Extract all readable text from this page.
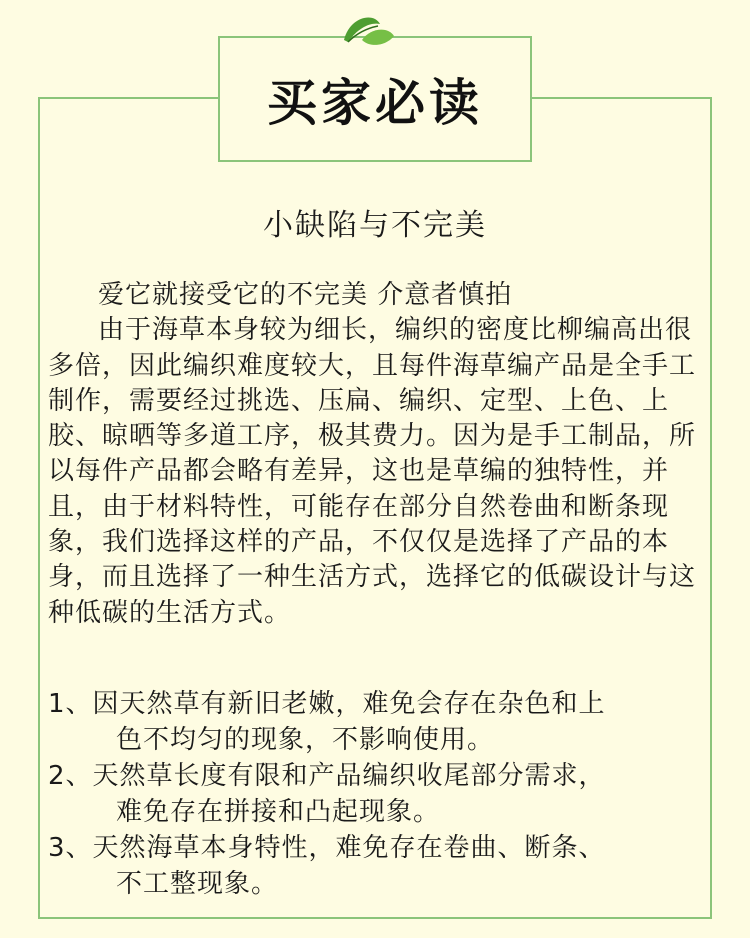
买家必读
小缺陷与不完美

爱它就接受它的不完美 介意者慎拍

由于海草本身较为细长，编织的密度比柳编高出很多倍，因此编织难度较大，且每件海草编产品是全手工制作，需要经过挑选、压扁、编织、定型、上色、上胶、晾晒等多道工序，极其费力。因为是手工制品，所以每件产品都会略有差异，这也是草编的独特性，并且，由于材料特性，可能存在部分自然卷曲和断条现象，我们选择这样的产品，不仅仅是选择了产品的本身，而且选择了一种生活方式，选择它的低碳设计与这种低碳的生活方式。

1、因天然草有新旧老嫩，难免会存在杂色和上
色不均匀的现象，不影响使用。
2、天然草长度有限和产品编织收尾部分需求，
难免存在拼接和凸起现象。
3、天然海草本身特性，难免存在卷曲、断条、
不工整现象。
